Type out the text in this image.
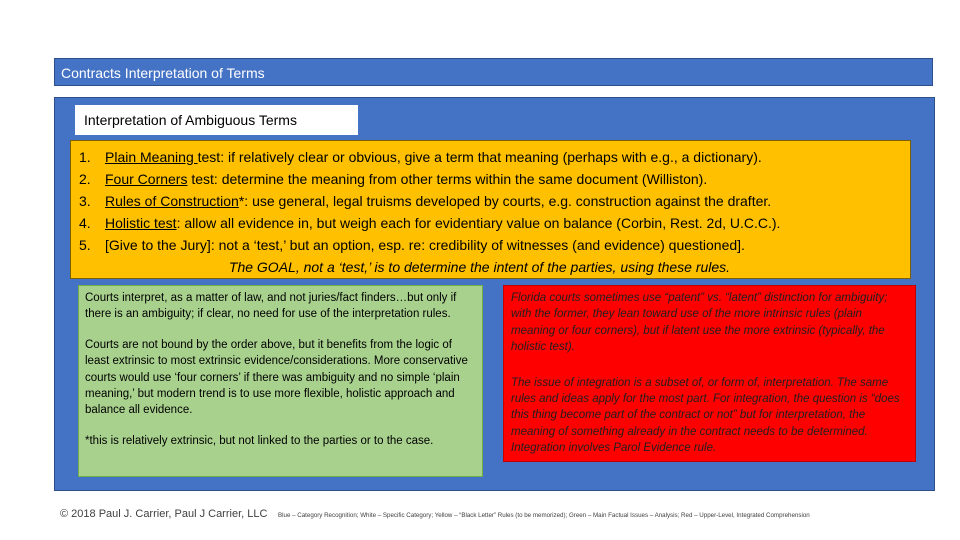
Contracts Interpretation of Terms
Interpretation of Ambiguous Terms
1.	Plain Meaning test: if relatively clear or obvious, give a term that meaning (perhaps with e.g., a dictionary).
2.	Four Corners test: determine the meaning from other terms within the same document (Williston).
3.	Rules of Construction*: use general, legal truisms developed by courts, e.g. construction against the drafter.
4.	Holistic test: allow all evidence in, but weigh each for evidentiary value on balance (Corbin, Rest. 2d, U.C.C.).
5.	[Give to the Jury]: not a ‘test,’ but an option, esp. re: credibility of witnesses (and evidence) questioned].
The GOAL, not a ‘test,’ is to determine the intent of the parties, using these rules.

Courts interpret, as a matter of law, and not juries/fact finders…but only if there is an ambiguity; if clear, no need for use of the interpretation rules.

Courts are not bound by the order above, but it benefits from the logic of least extrinsic to most extrinsic evidence/considerations. More conservative courts would use ‘four corners’ if there was ambiguity and no simple ‘plain meaning,’ but modern trend is to use more flexible, holistic approach and balance all evidence.

*this is relatively extrinsic, but not linked to the parties or to the case.

Florida courts sometimes use “patent” vs. “latent” distinction for ambiguity; with the former, they lean toward use of the more intrinsic rules (plain meaning or four corners), but if latent use the more extrinsic (typically, the holistic test).

The issue of integration is a subset of, or form of, interpretation. The same rules and ideas apply for the most part. For integration, the question is “does this thing become part of the contract or not” but for interpretation, the meaning of something already in the contract needs to be determined. Integration involves Parol Evidence rule.

© 2018 Paul J. Carrier, Paul J Carrier, LLC Blue – Category Recognition; White – Specific Category; Yellow – “Black Letter” Rules (to be memorized); Green – Main Factual Issues – Analysis; Red – Upper-Level, Integrated Comprehension
